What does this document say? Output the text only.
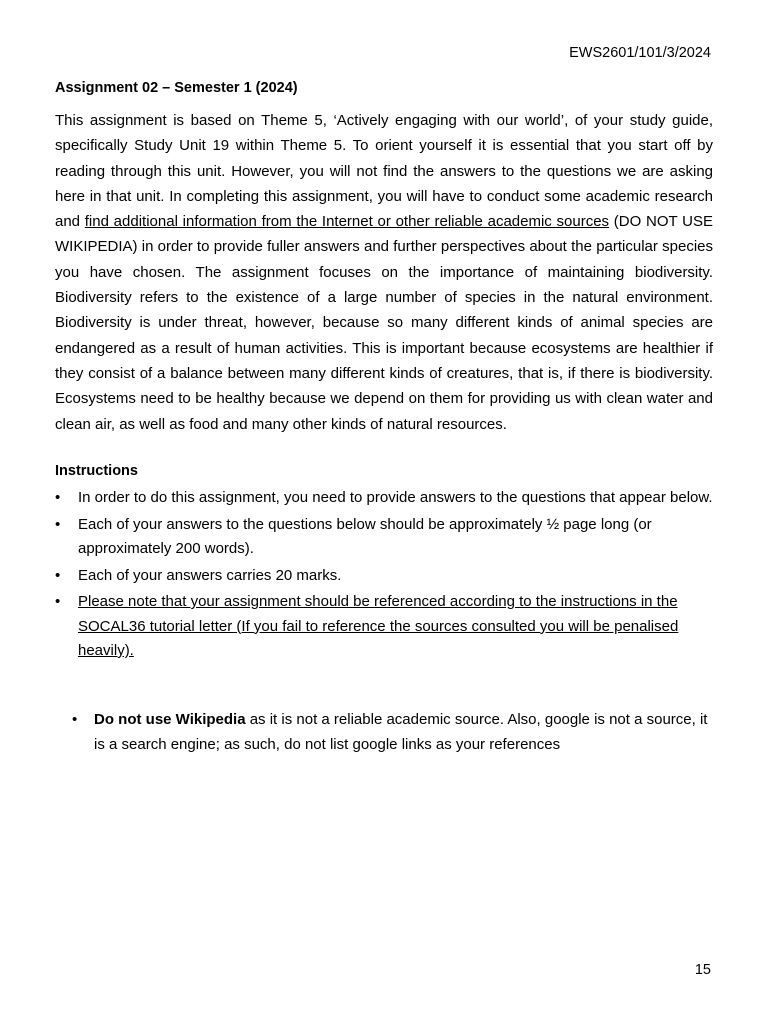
EWS2601/101/3/2024
Assignment 02 – Semester 1 (2024)

This assignment is based on Theme 5, ‘Actively engaging with our world’, of your study guide, specifically Study Unit 19 within Theme 5. To orient yourself it is essential that you start off by reading through this unit. However, you will not find the answers to the questions we are asking here in that unit. In completing this assignment, you will have to conduct some academic research and find additional information from the Internet or other reliable academic sources (DO NOT USE WIKIPEDIA) in order to provide fuller answers and further perspectives about the particular species you have chosen. The assignment focuses on the importance of maintaining biodiversity. Biodiversity refers to the existence of a large number of species in the natural environment. Biodiversity is under threat, however, because so many different kinds of animal species are endangered as a result of human activities. This is important because ecosystems are healthier if they consist of a balance between many different kinds of creatures, that is, if there is biodiversity. Ecosystems need to be healthy because we depend on them for providing us with clean water and clean air, as well as food and many other kinds of natural resources.

Instructions
• In order to do this assignment, you need to provide answers to the questions that appear below.
• Each of your answers to the questions below should be approximately ½ page long (or approximately 200 words).
• Each of your answers carries 20 marks.
• Please note that your assignment should be referenced according to the instructions in the SOCAL36 tutorial letter (If you fail to reference the sources consulted you will be penalised heavily).
• Do not use Wikipedia as it is not a reliable academic source. Also, google is not a source, it is a search engine; as such, do not list google links as your references
15
